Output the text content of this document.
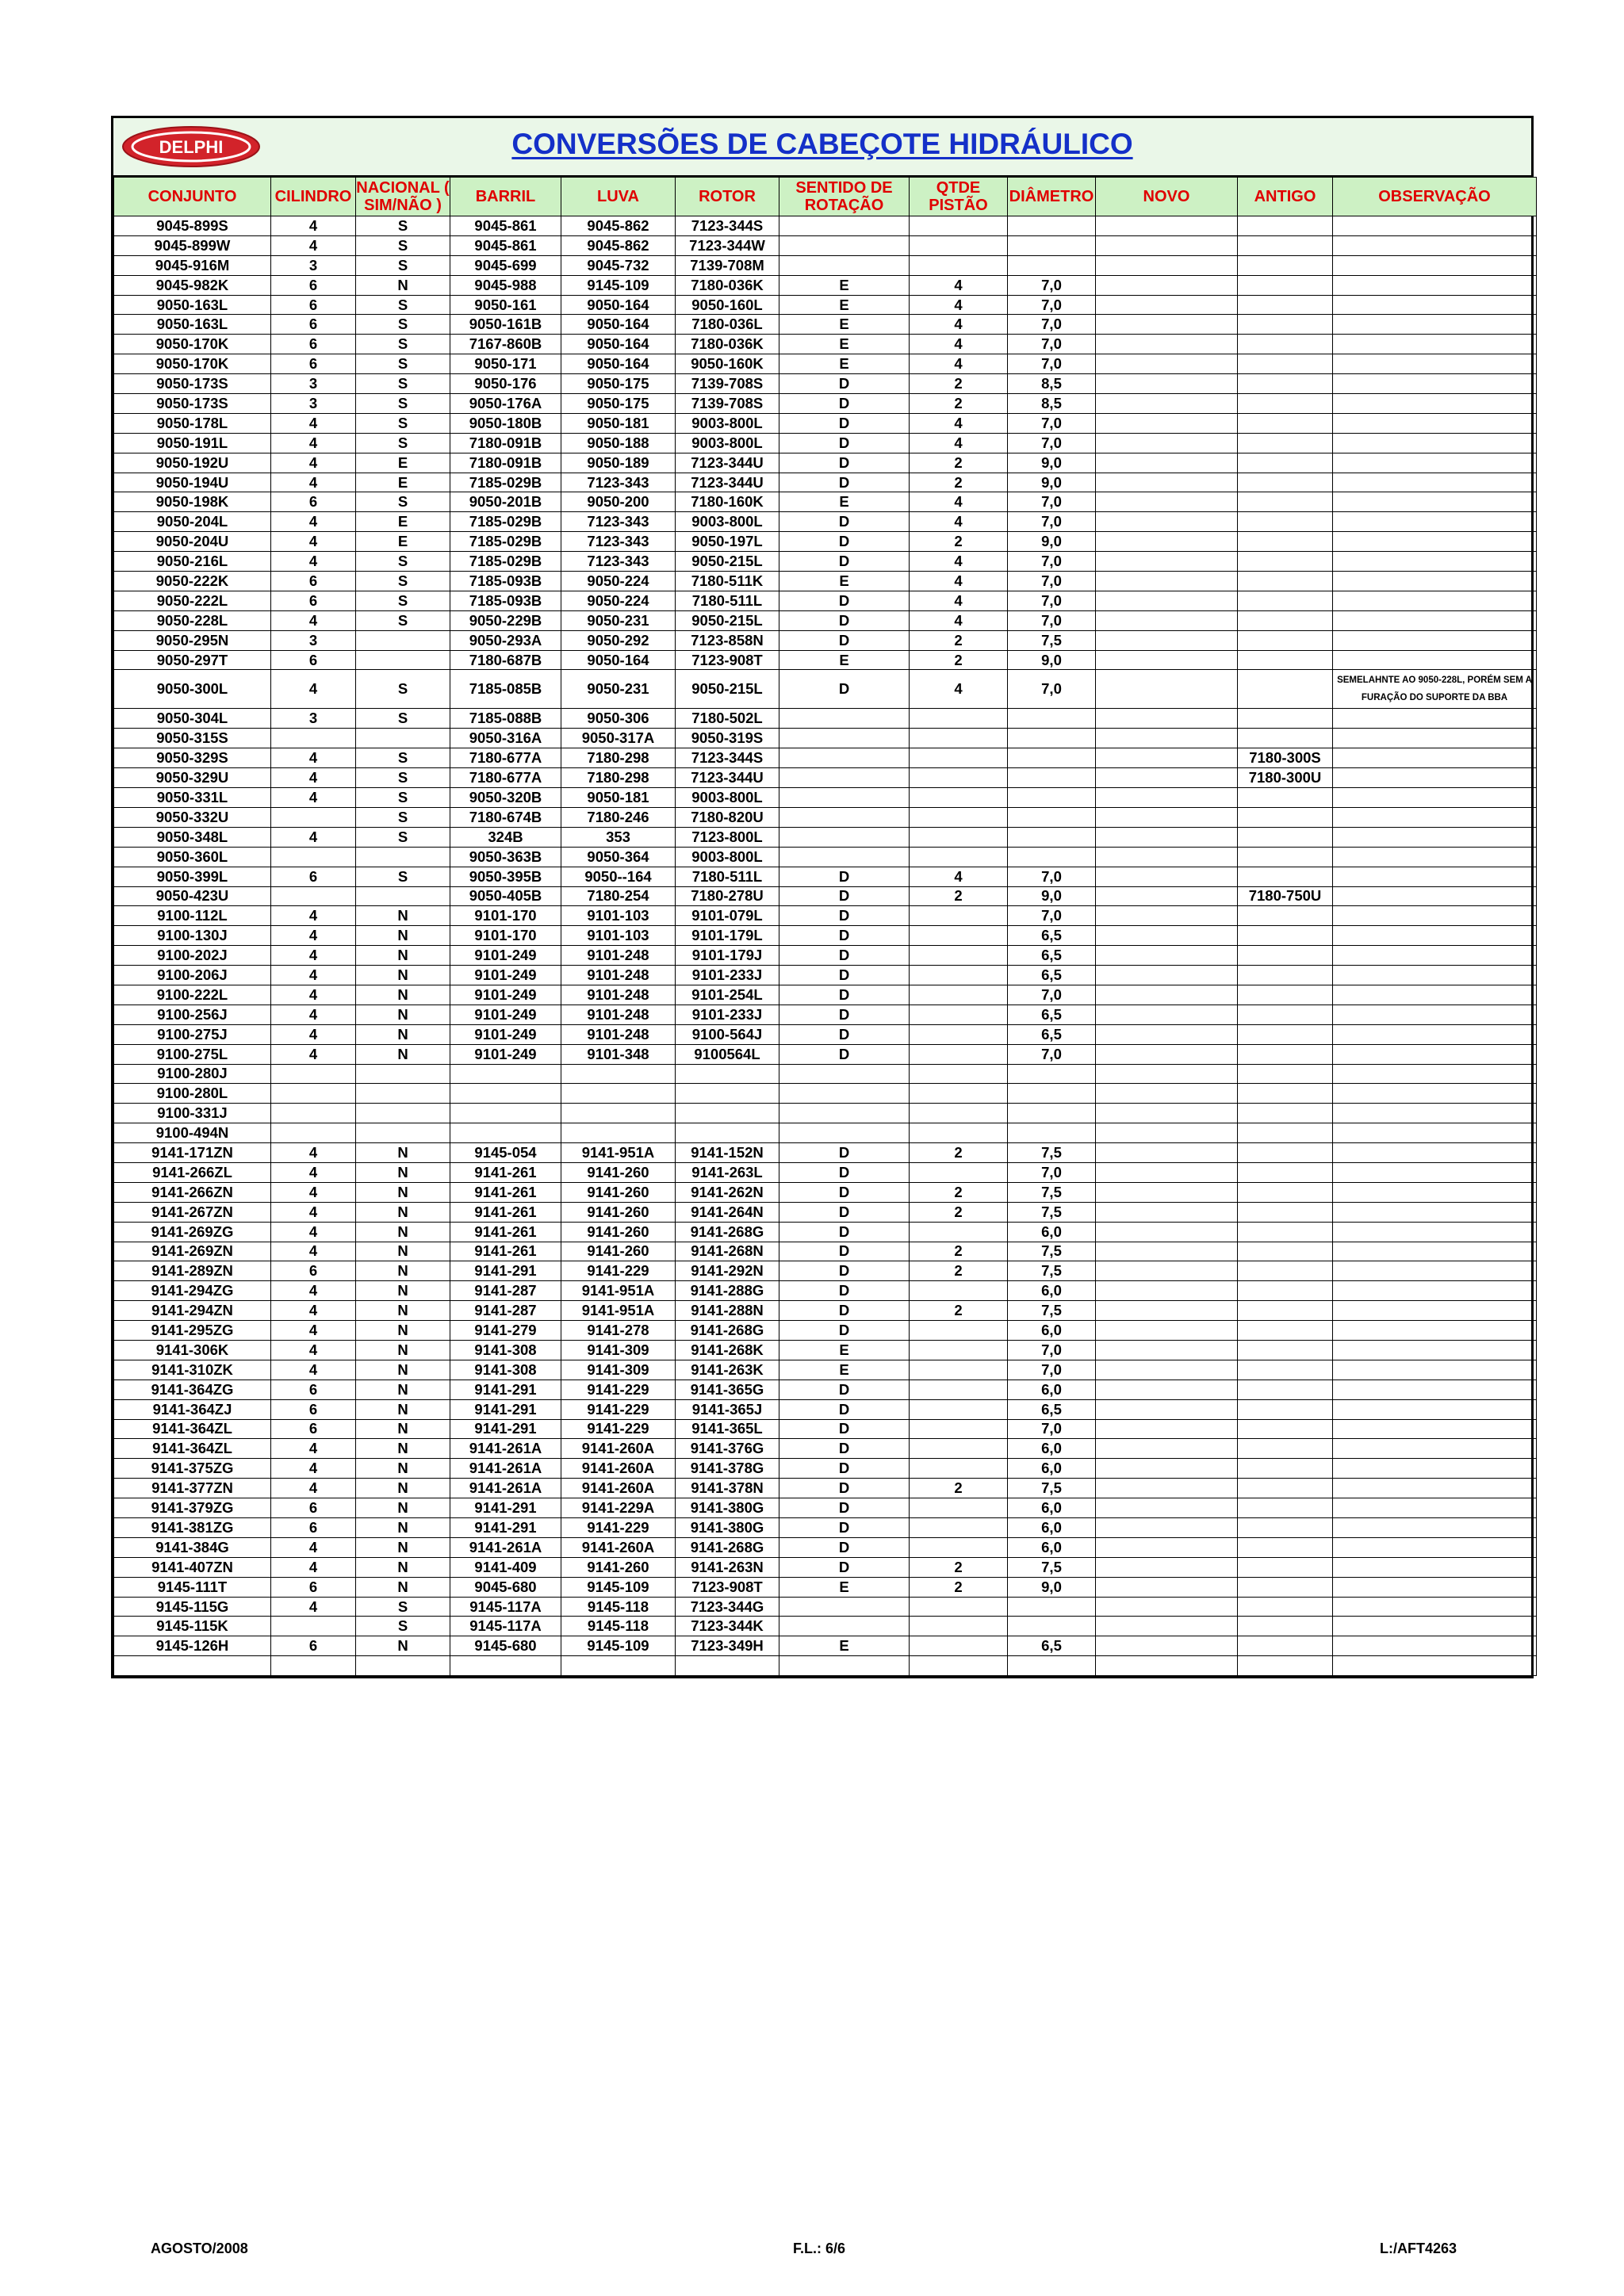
DELPHI	CONVERSÕES DE CABEÇOTE HIDRÁULICO
CONJUNTO	CILINDRO	NACIONAL ( SIM/NÃO )	BARRIL	LUVA	ROTOR	SENTIDO DE ROTAÇÃO	QTDE PISTÃO	DIÂMETRO	NOVO	ANTIGO	OBSERVAÇÃO
9045-899S	4	S	9045-861	9045-862	7123-344S						
9045-899W	4	S	9045-861	9045-862	7123-344W						
9045-916M	3	S	9045-699	9045-732	7139-708M						
9045-982K	6	N	9045-988	9145-109	7180-036K	E	4	7,0			
9050-163L	6	S	9050-161	9050-164	9050-160L	E	4	7,0			
9050-163L	6	S	9050-161B	9050-164	7180-036L	E	4	7,0			
9050-170K	6	S	7167-860B	9050-164	7180-036K	E	4	7,0			
9050-170K	6	S	9050-171	9050-164	9050-160K	E	4	7,0			
9050-173S	3	S	9050-176	9050-175	7139-708S	D	2	8,5			
9050-173S	3	S	9050-176A	9050-175	7139-708S	D	2	8,5			
9050-178L	4	S	9050-180B	9050-181	9003-800L	D	4	7,0			
9050-191L	4	S	7180-091B	9050-188	9003-800L	D	4	7,0			
9050-192U	4	E	7180-091B	9050-189	7123-344U	D	2	9,0			
9050-194U	4	E	7185-029B	7123-343	7123-344U	D	2	9,0			
9050-198K	6	S	9050-201B	9050-200	7180-160K	E	4	7,0			
9050-204L	4	E	7185-029B	7123-343	9003-800L	D	4	7,0			
9050-204U	4	E	7185-029B	7123-343	9050-197L	D	2	9,0			
9050-216L	4	S	7185-029B	7123-343	9050-215L	D	4	7,0			
9050-222K	6	S	7185-093B	9050-224	7180-511K	E	4	7,0			
9050-222L	6	S	7185-093B	9050-224	7180-511L	D	4	7,0			
9050-228L	4	S	9050-229B	9050-231	9050-215L	D	4	7,0			
9050-295N	3		9050-293A	9050-292	7123-858N	D	2	7,5			
9050-297T	6		7180-687B	9050-164	7123-908T	E	2	9,0			
9050-300L	4	S	7185-085B	9050-231	9050-215L	D	4	7,0			SEMELAHNTE AO 9050-228L, PORÉM SEM A FURAÇÃO DO SUPORTE DA BBA
9050-304L	3	S	7185-088B	9050-306	7180-502L						
9050-315S			9050-316A	9050-317A	9050-319S						
9050-329S	4	S	7180-677A	7180-298	7123-344S					7180-300S	
9050-329U	4	S	7180-677A	7180-298	7123-344U					7180-300U	
9050-331L	4	S	9050-320B	9050-181	9003-800L						
9050-332U		S	7180-674B	7180-246	7180-820U						
9050-348L	4	S	324B	353	7123-800L						
9050-360L			9050-363B	9050-364	9003-800L						
9050-399L	6	S	9050-395B	9050--164	7180-511L	D	4	7,0			
9050-423U			9050-405B	7180-254	7180-278U	D	2	9,0		7180-750U	
9100-112L	4	N	9101-170	9101-103	9101-079L	D		7,0			
9100-130J	4	N	9101-170	9101-103	9101-179L	D		6,5			
9100-202J	4	N	9101-249	9101-248	9101-179J	D		6,5			
9100-206J	4	N	9101-249	9101-248	9101-233J	D		6,5			
9100-222L	4	N	9101-249	9101-248	9101-254L	D		7,0			
9100-256J	4	N	9101-249	9101-248	9101-233J	D		6,5			
9100-275J	4	N	9101-249	9101-248	9100-564J	D		6,5			
9100-275L	4	N	9101-249	9101-348	9100564L	D		7,0			
9100-280J											
9100-280L											
9100-331J											
9100-494N											
9141-171ZN	4	N	9145-054	9141-951A	9141-152N	D	2	7,5			
9141-266ZL	4	N	9141-261	9141-260	9141-263L	D		7,0			
9141-266ZN	4	N	9141-261	9141-260	9141-262N	D	2	7,5			
9141-267ZN	4	N	9141-261	9141-260	9141-264N	D	2	7,5			
9141-269ZG	4	N	9141-261	9141-260	9141-268G	D		6,0			
9141-269ZN	4	N	9141-261	9141-260	9141-268N	D	2	7,5			
9141-289ZN	6	N	9141-291	9141-229	9141-292N	D	2	7,5			
9141-294ZG	4	N	9141-287	9141-951A	9141-288G	D		6,0			
9141-294ZN	4	N	9141-287	9141-951A	9141-288N	D	2	7,5			
9141-295ZG	4	N	9141-279	9141-278	9141-268G	D		6,0			
9141-306K	4	N	9141-308	9141-309	9141-268K	E		7,0			
9141-310ZK	4	N	9141-308	9141-309	9141-263K	E		7,0			
9141-364ZG	6	N	9141-291	9141-229	9141-365G	D		6,0			
9141-364ZJ	6	N	9141-291	9141-229	9141-365J	D		6,5			
9141-364ZL	6	N	9141-291	9141-229	9141-365L	D		7,0			
9141-364ZL	4	N	9141-261A	9141-260A	9141-376G	D		6,0			
9141-375ZG	4	N	9141-261A	9141-260A	9141-378G	D		6,0			
9141-377ZN	4	N	9141-261A	9141-260A	9141-378N	D	2	7,5			
9141-379ZG	6	N	9141-291	9141-229A	9141-380G	D		6,0			
9141-381ZG	6	N	9141-291	9141-229	9141-380G	D		6,0			
9141-384G	4	N	9141-261A	9141-260A	9141-268G	D		6,0			
9141-407ZN	4	N	9141-409	9141-260	9141-263N	D	2	7,5			
9145-111T	6	N	9045-680	9145-109	7123-908T	E	2	9,0			
9145-115G	4	S	9145-117A	9145-118	7123-344G						
9145-115K		S	9145-117A	9145-118	7123-344K						
9145-126H	6	N	9145-680	9145-109	7123-349H	E		6,5			

AGOSTO/2008	F.L.: 6/6	L:/AFT4263
